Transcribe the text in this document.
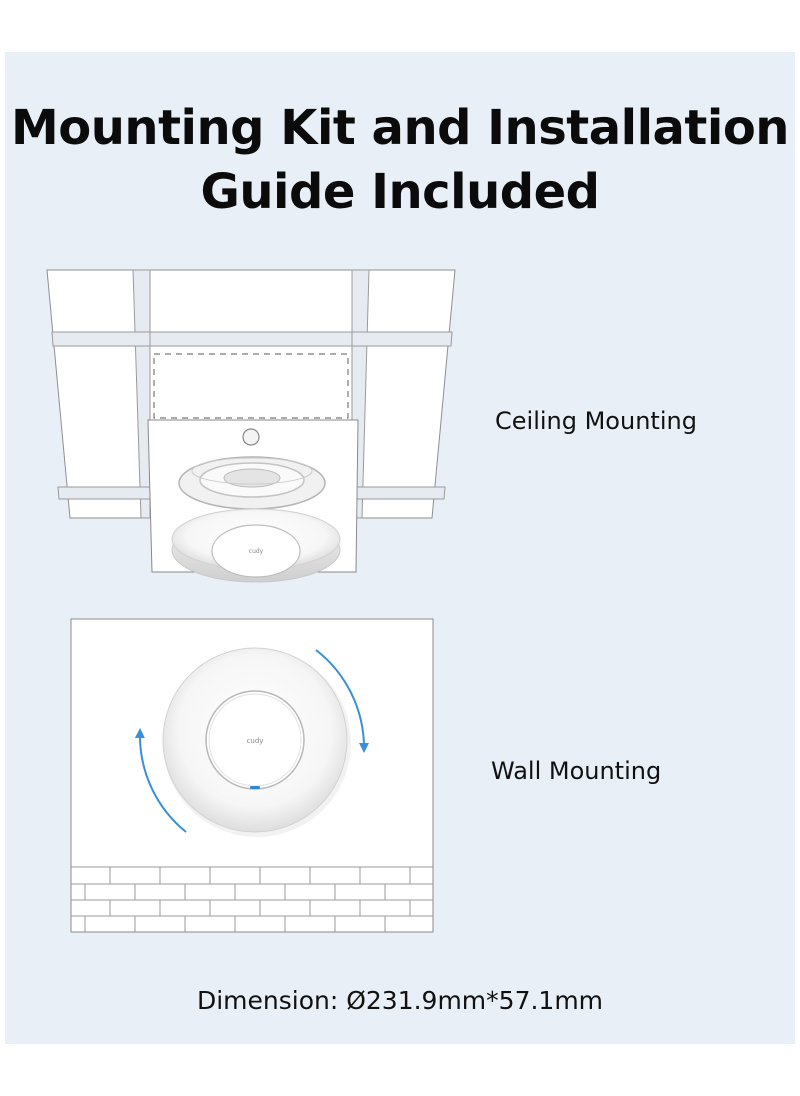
Mounting Kit and Installation
Guide Included
cudy
cudy
Ceiling Mounting
Wall Mounting
Dimension: Ø231.9mm*57.1mm
